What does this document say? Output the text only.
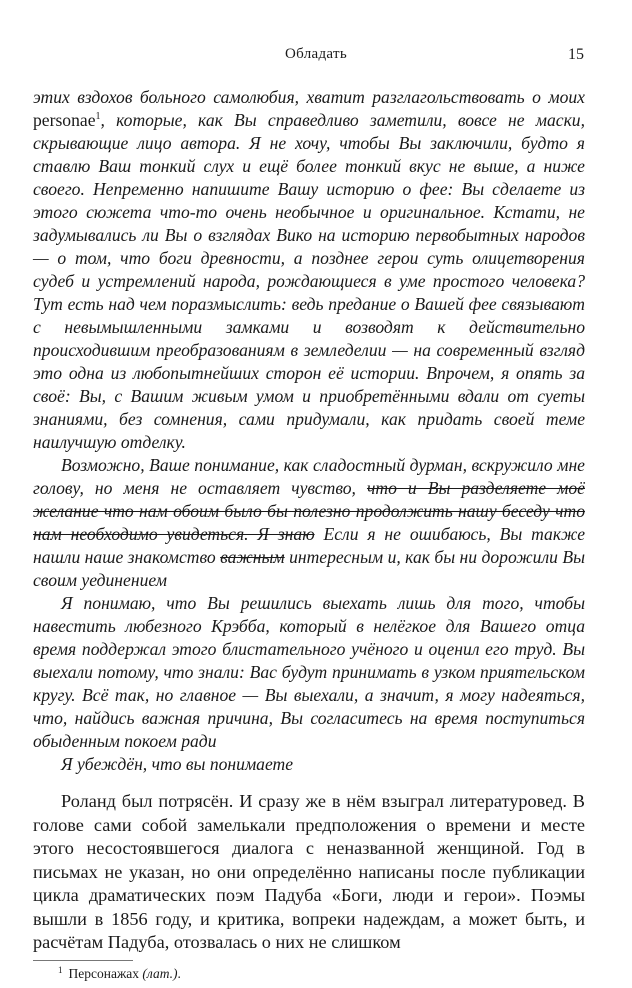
Обладать	15

этих вздохов больного самолюбия, хватит разглагольствовать о моих personae$^1$, которые, как Вы справедливо заметили, вовсе не маски, скрывающие лицо автора. Я не хочу, чтобы Вы заключили, будто я ставлю Ваш тонкий слух и ещё более тонкий вкус не выше, а ниже своего. Непременно напишите Вашу историю о фее: Вы сделаете из этого сюжета что-то очень необычное и оригинальное. Кстати, не задумывались ли Вы о взглядах Вико на историю первобытных народов — о том, что боги древности, а позднее герои суть олицетворения судеб и устремлений народа, рождающиеся в уме простого человека? Тут есть над чем поразмыслить: ведь предание о Вашей фее связывают с невымышленными замками и возводят к действительно происходившим преобразованиям в земледелии — на современный взгляд это одна из любопытнейших сторон её истории. Впрочем, я опять за своё: Вы, с Вашим живым умом и приобретёнными вдали от суеты знаниями, без сомнения, сами придумали, как придать своей теме наилучшую отделку.

Возможно, Ваше понимание, как сладостный дурман, вскружило мне голову, но меня не оставляет чувство, что и Вы разделяете моё желание что нам обоим было бы полезно продолжить нашу беседу что нам необходимо увидеться. Я знаю Если я не ошибаюсь, Вы также нашли наше знакомство важным интересным и, как бы ни дорожили Вы своим уединением

Я понимаю, что Вы решились выехать лишь для того, чтобы навестить любезного Крэбба, который в нелёгкое для Вашего отца время поддержал этого блистательного учёного и оценил его труд. Вы выехали потому, что знали: Вас будут принимать в узком приятельском кругу. Всё так, но главное — Вы выехали, а значит, я могу надеяться, что, найдись важная причина, Вы согласитесь на время поступиться обыденным покоем ради

Я убеждён, что вы понимаете

Роланд был потрясён. И сразу же в нём взыграл литературовед. В голове сами собой замелькали предположения о времени и месте этого несостоявшегося диалога с неназванной женщиной. Год в письмах не указан, но они определённо написаны после публикации цикла драматических поэм Падуба «Боги, люди и герои». Поэмы вышли в 1856 году, и критика, вопреки надеждам, а может быть, и расчётам Падуба, отозвалась о них не слишком

$^1$ Персонажах (лат.).
